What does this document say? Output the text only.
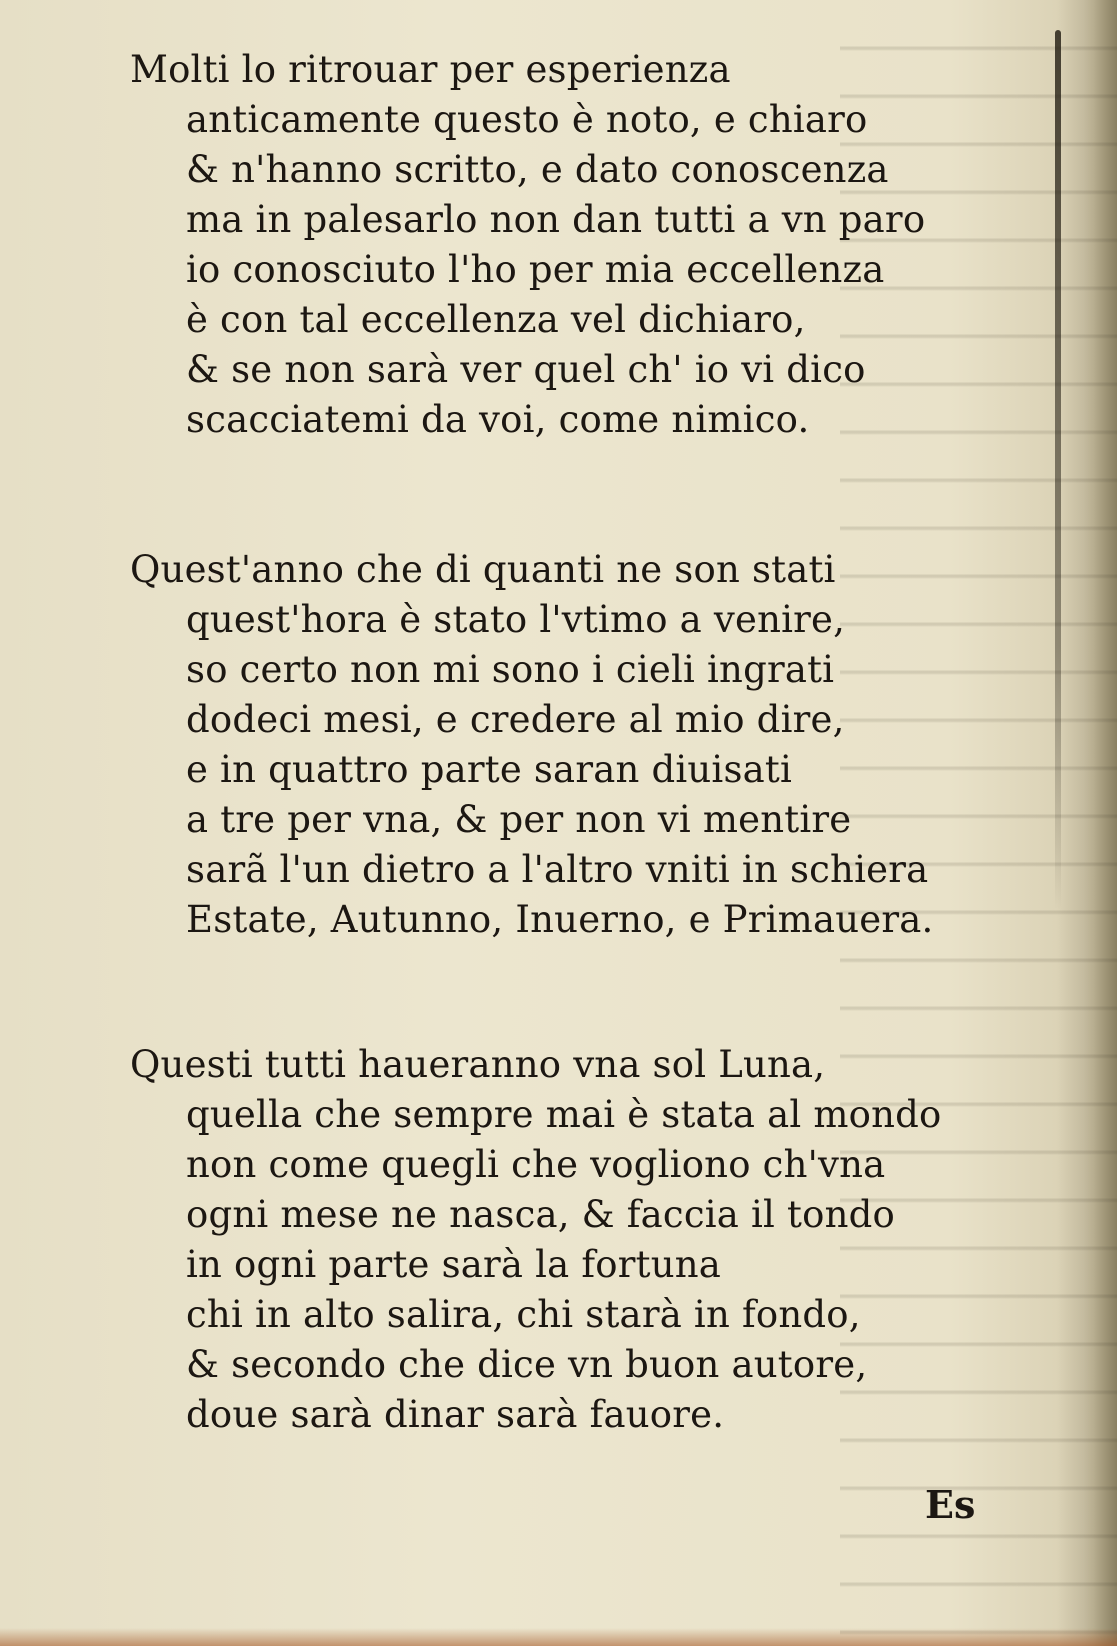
Molti lo ritrouar per esperienza
anticamente questo è noto, e chiaro
& n'hanno scritto, e dato conoscenza
ma in palesarlo non dan tutti a vn paro
io conosciuto l'ho per mia eccellenza
è con tal eccellenza vel dichiaro,
& se non sarà ver quel ch' io vi dico
scacciatemi da voi, come nimico.
Quest'anno che di quanti ne son stati
quest'hora è stato l'vtimo a venire,
so certo non mi sono i cieli ingrati
dodeci mesi, e credere al mio dire,
e in quattro parte saran diuisati
a tre per vna, & per non vi mentire
sarã l'un dietro a l'altro vniti in schiera
Estate, Autunno, Inuerno, e Primauera.
Questi tutti haueranno vna sol Luna,
quella che sempre mai è stata al mondo
non come quegli che vogliono ch'vna
ogni mese ne nasca, & faccia il tondo
in ogni parte sarà la fortuna
chi in alto salira, chi starà in fondo,
& secondo che dice vn buon autore,
doue sarà dinar sarà fauore.
Es
